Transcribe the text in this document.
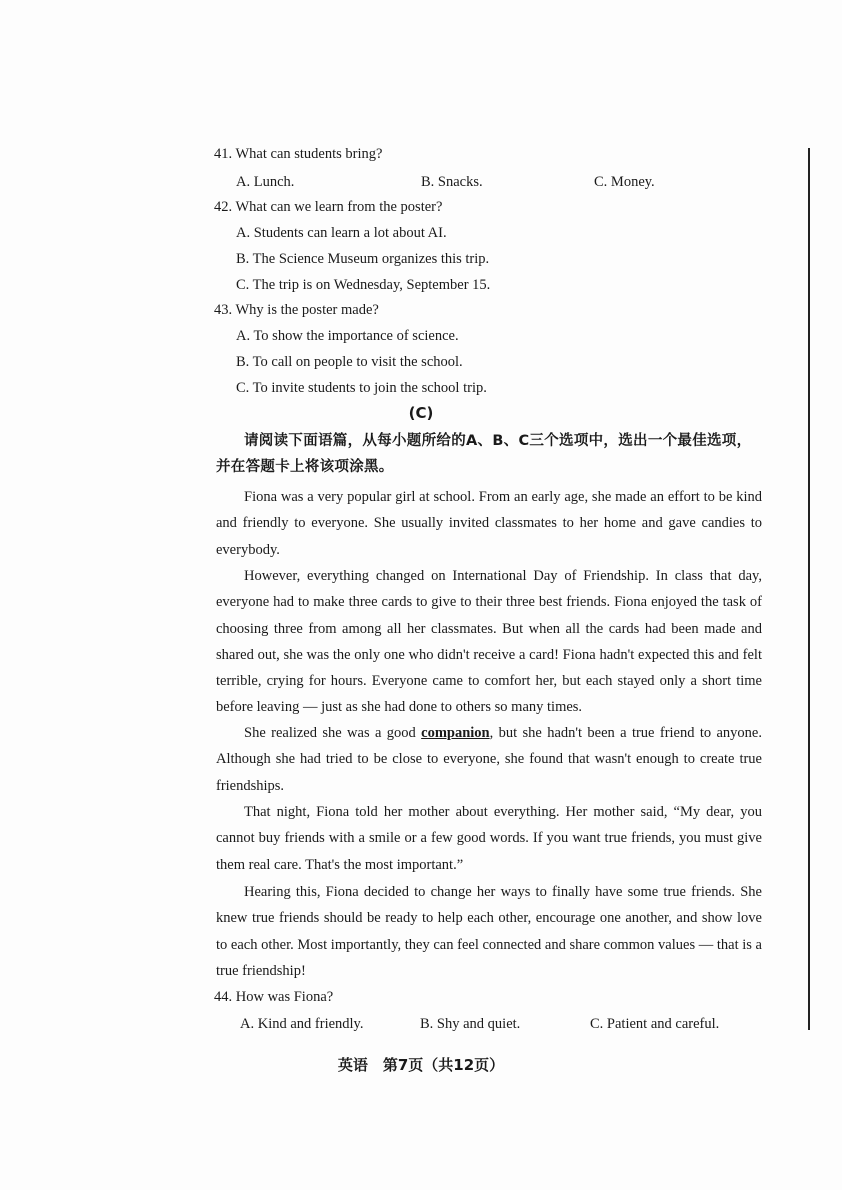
41. What can students bring?
A. Lunch.	B. Snacks.	C. Money.
42. What can we learn from the poster?
A. Students can learn a lot about AI.
B. The Science Museum organizes this trip.
C. The trip is on Wednesday, September 15.
43. Why is the poster made?
A. To show the importance of science.
B. To call on people to visit the school.
C. To invite students to join the school trip.
(C)
请阅读下面语篇，从每小题所给的A、B、C三个选项中，选出一个最佳选项，并在答题卡上将该项涂黑。
Fiona was a very popular girl at school. From an early age, she made an effort to be kind and friendly to everyone. She usually invited classmates to her home and gave candies to everybody.
However, everything changed on International Day of Friendship. In class that day, everyone had to make three cards to give to their three best friends. Fiona enjoyed the task of choosing three from among all her classmates. But when all the cards had been made and shared out, she was the only one who didn't receive a card! Fiona hadn't expected this and felt terrible, crying for hours. Everyone came to comfort her, but each stayed only a short time before leaving — just as she had done to others so many times.
She realized she was a good companion, but she hadn't been a true friend to anyone. Although she had tried to be close to everyone, she found that wasn't enough to create true friendships.
That night, Fiona told her mother about everything. Her mother said, “My dear, you cannot buy friends with a smile or a few good words. If you want true friends, you must give them real care. That's the most important.”
Hearing this, Fiona decided to change her ways to finally have some true friends. She knew true friends should be ready to help each other, encourage one another, and show love to each other. Most importantly, they can feel connected and share common values — that is a true friendship!
44. How was Fiona?
A. Kind and friendly.	B. Shy and quiet.	C. Patient and careful.
英语　第7页（共12页）
